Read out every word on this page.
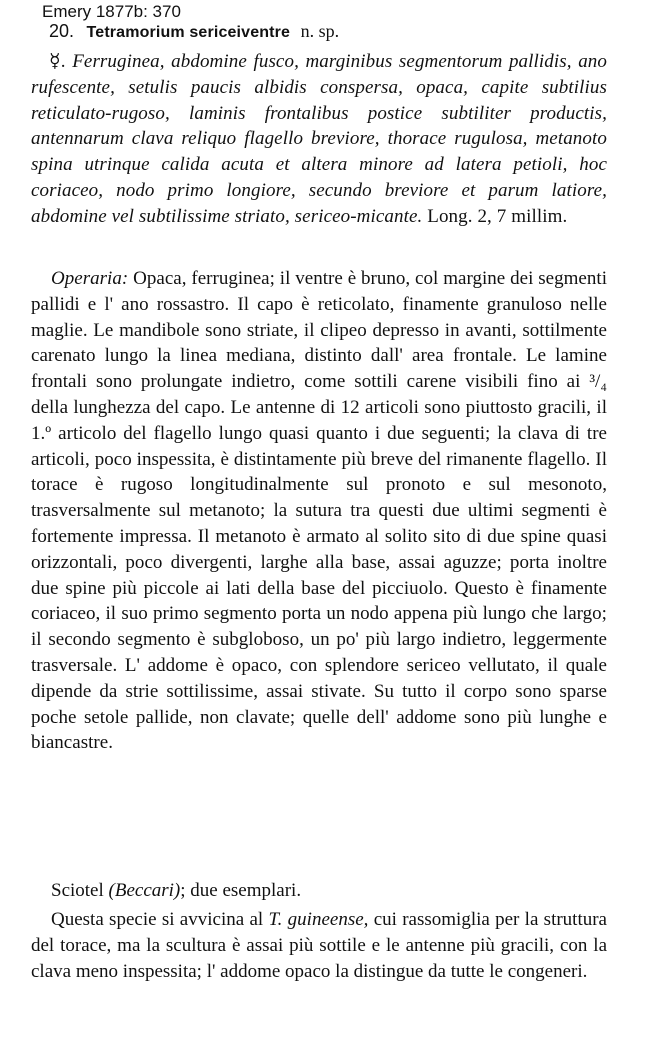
Emery 1877b: 370
20. Tetramorium sericeiventre n. sp.

☿. Ferruginea, abdomine fusco, marginibus segmentorum pallidis, ano rufescente, setulis paucis albidis conspersa, opaca, capite subtilius reticulato-rugoso, laminis frontalibus postice subtiliter productis, antennarum clava reliquo flagello breviore, thorace rugulosa, metanoto spina utrinque calida acuta et altera minore ad latera petioli, hoc coriaceo, nodo primo longiore, secundo breviore et parum latiore, abdomine vel subtilissime striato, sericeo-micante. Long. 2, 7 millim.

Operaria: Opaca, ferruginea; il ventre è bruno, col margine dei segmenti pallidi e l' ano rossastro. Il capo è reticolato, finamente granuloso nelle maglie. Le mandibole sono striate, il clipeo depresso in avanti, sottilmente carenato lungo la linea mediana, distinto dall' area frontale. Le lamine frontali sono prolungate indietro, come sottili carene visibili fino ai ³/₄ della lunghezza del capo. Le antenne di 12 articoli sono piuttosto gracili, il 1.º articolo del flagello lungo quasi quanto i due seguenti; la clava di tre articoli, poco inspessita, è distintamente più breve del rimanente flagello. Il torace è rugoso longitudinalmente sul pronoto e sul mesonoto, trasversalmente sul metanoto; la sutura tra questi due ultimi segmenti è fortemente impressa. Il metanoto è armato al solito sito di due spine quasi orizzontali, poco divergenti, larghe alla base, assai aguzze; porta inoltre due spine più piccole ai lati della base del picciuolo. Questo è finamente coriaceo, il suo primo segmento porta un nodo appena più lungo che largo; il secondo segmento è subgloboso, un po' più largo indietro, leggermente trasversale. L' addome è opaco, con splendore sericeo vellutato, il quale dipende da strie sottilissime, assai stivate. Su tutto il corpo sono sparse poche setole pallide, non clavate; quelle dell' addome sono più lunghe e biancastre.

Sciotel (Beccari); due esemplari.

Questa specie si avvicina al T. guineense, cui rassomiglia per la struttura del torace, ma la scultura è assai più sottile e le antenne più gracili, con la clava meno inspessita; l' addome opaco la distingue da tutte le congeneri.
